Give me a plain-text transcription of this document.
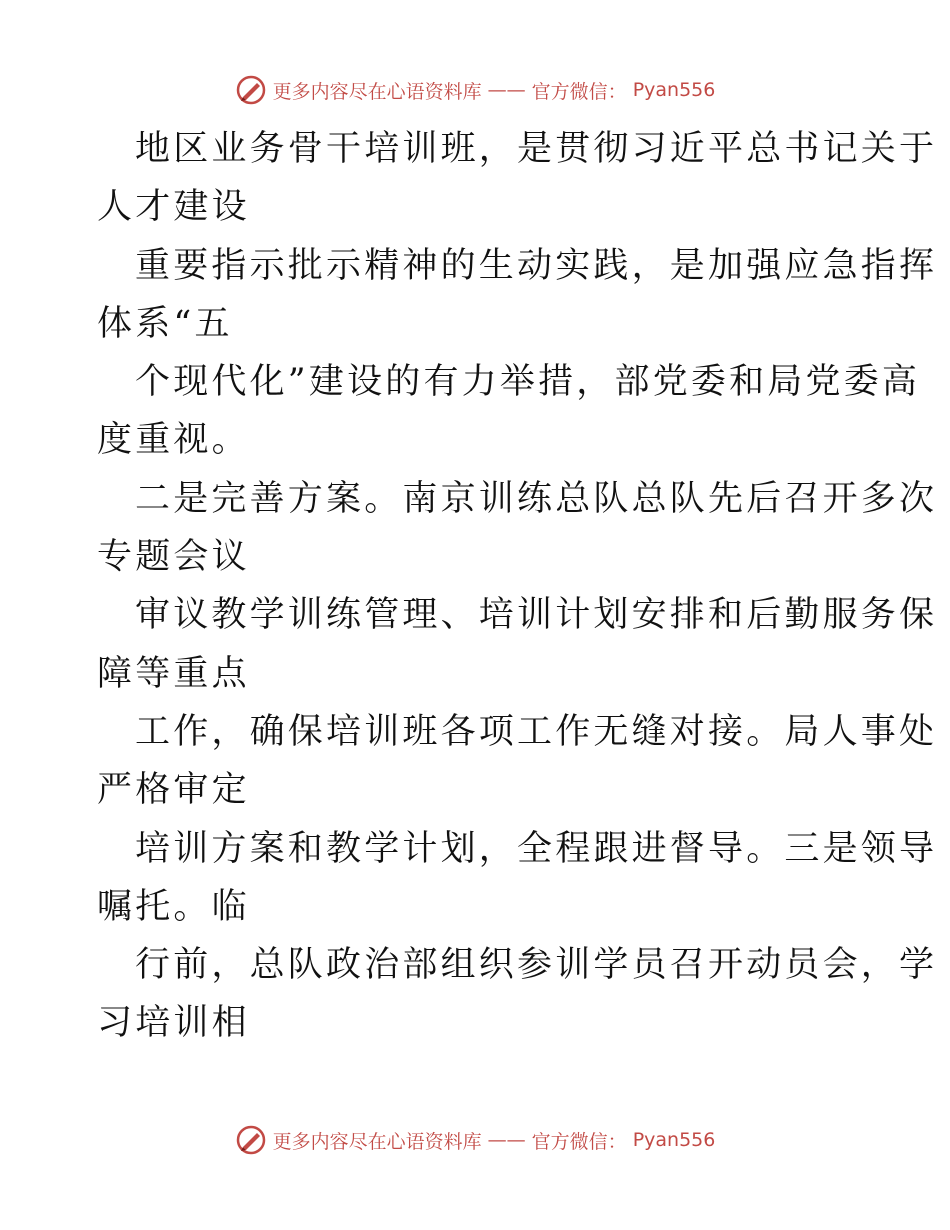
更多内容尽在心语资料库 —— 官方微信： Pyan556
地区业务骨干培训班，是贯彻习近平总书记关于
人才建设
重要指示批示精神的生动实践，是加强应急指挥
体系“五
个现代化”建设的有力举措，部党委和局党委高
度重视。
二是完善方案。南京训练总队总队先后召开多次
专题会议
审议教学训练管理、培训计划安排和后勤服务保
障等重点
工作，确保培训班各项工作无缝对接。局人事处
严格审定
培训方案和教学计划，全程跟进督导。三是领导
嘱托。临
行前，总队政治部组织参训学员召开动员会，学
习培训相
更多内容尽在心语资料库 —— 官方微信： Pyan556
